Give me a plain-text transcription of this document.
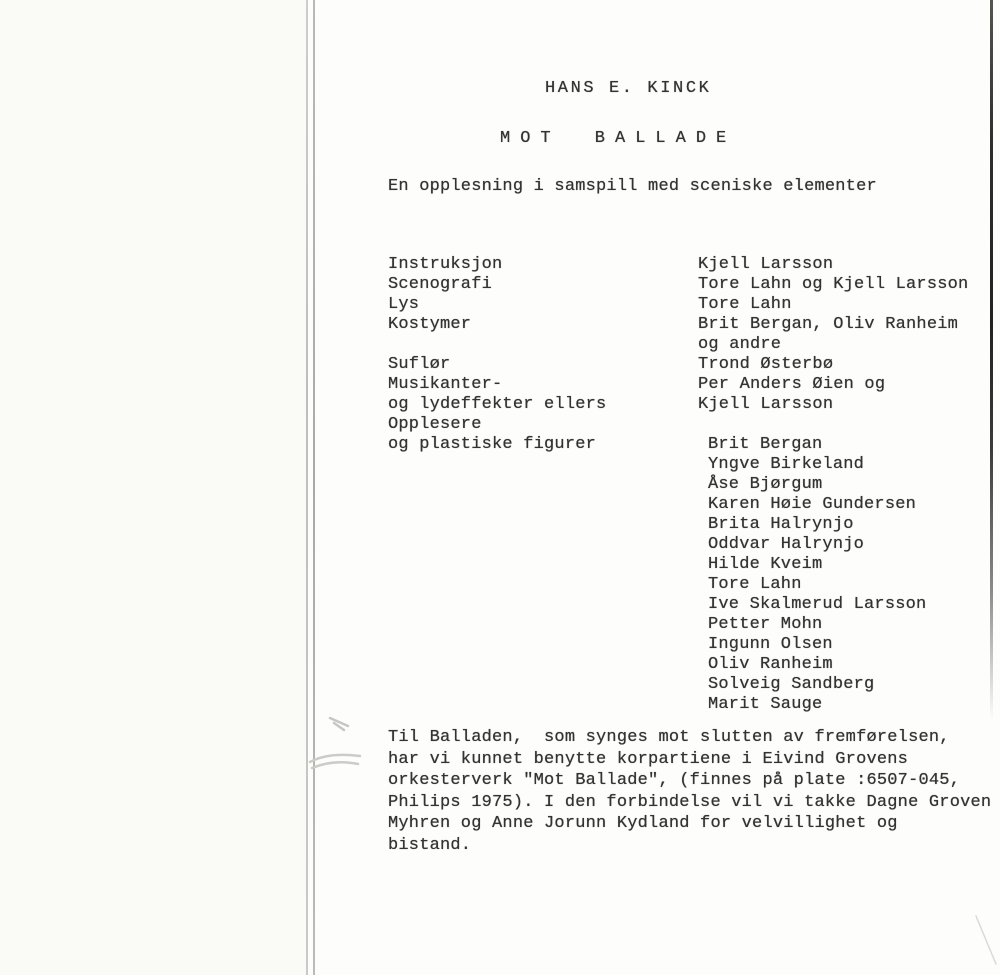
HANS E. KINCK
MOT BALLADE
En opplesning i samspill med sceniske elementer
Instruksjon	Kjell Larsson
Scenografi	Tore Lahn og Kjell Larsson
Lys	Tore Lahn
Kostymer	Brit Bergan, Oliv Ranheim
og andre
Suflør	Trond Østerbø
Musikanter-	Per Anders Øien og
og lydeffekter ellers	Kjell Larsson
Opplesere
og plastiske figurer	Brit Bergan
Yngve Birkeland
Åse Bjørgum
Karen Høie Gundersen
Brita Halrynjo
Oddvar Halrynjo
Hilde Kveim
Tore Lahn
Ive Skalmerud Larsson
Petter Mohn
Ingunn Olsen
Oliv Ranheim
Solveig Sandberg
Marit Sauge
Til Balladen,  som synges mot slutten av fremførelsen,
har vi kunnet benytte korpartiene i Eivind Grovens
orkesterverk "Mot Ballade", (finnes på plate :6507-045,
Philips 1975). I den forbindelse vil vi takke Dagne Groven
Myhren og Anne Jorunn Kydland for velvillighet og
bistand.
